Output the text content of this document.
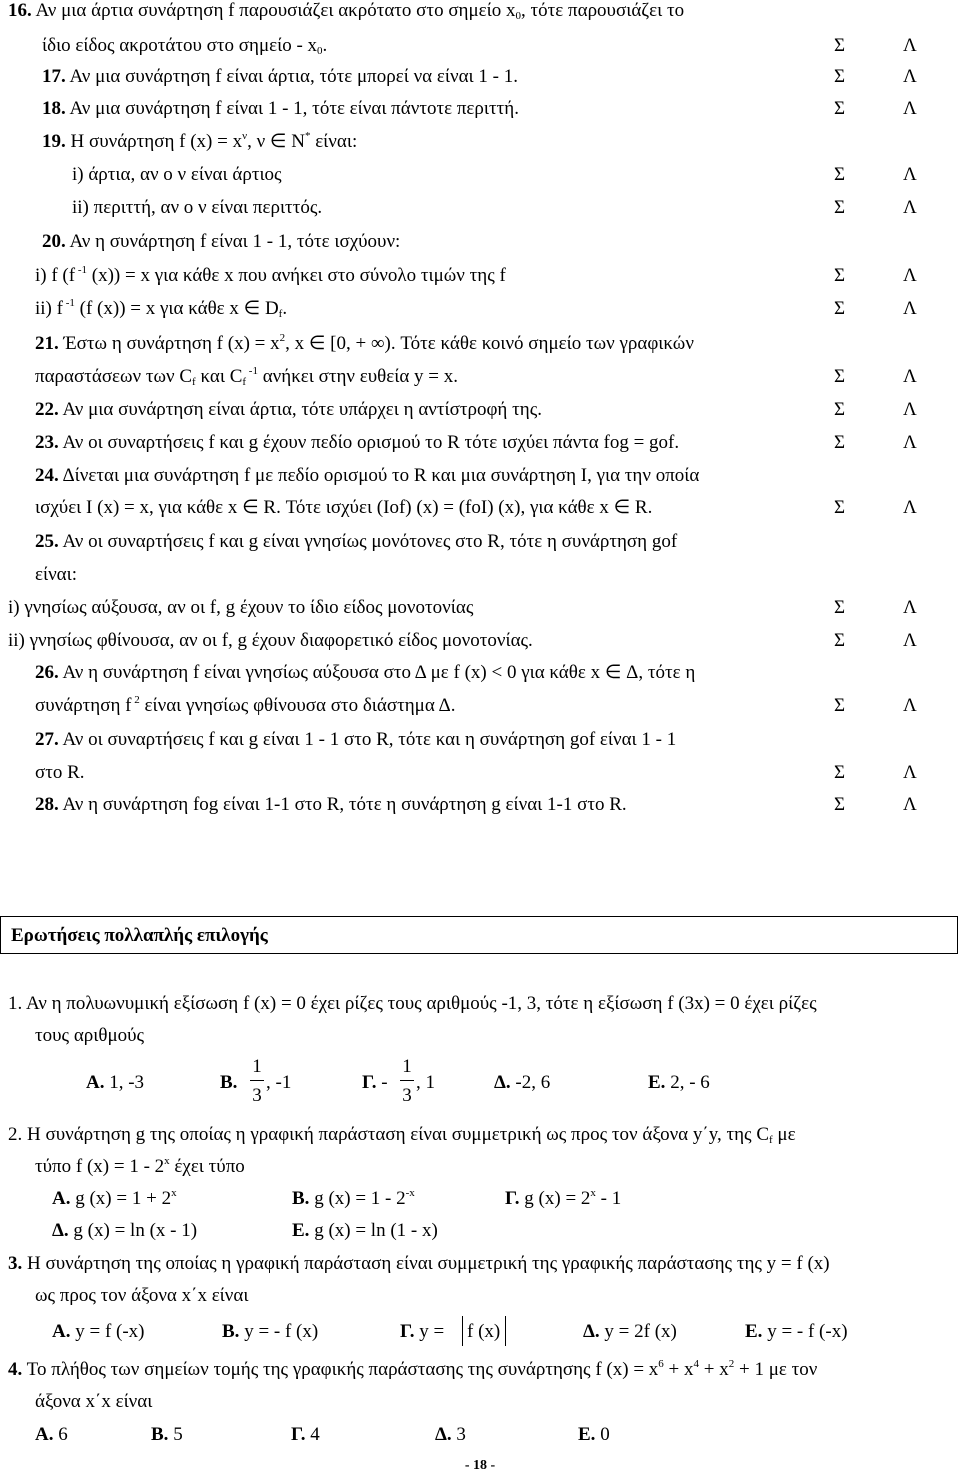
16. Αν μια άρτια συνάρτηση f παρουσιάζει ακρότατο στο σημείο $x_0$, τότε παρουσιάζει το
ίδιο είδος ακροτάτου στο σημείο - $x_0$.	Σ	Λ
17. Αν μια συνάρτηση f είναι άρτια, τότε μπορεί να είναι 1 - 1.	Σ	Λ
18. Αν μια συνάρτηση f είναι 1 - 1, τότε είναι πάντοτε περιττή.	Σ	Λ
19. Η συνάρτηση f $(x) = x^\nu$, ν ∈ N* είναι:
i) άρτια, αν ο ν είναι άρτιος	Σ	Λ
ii) περιττή, αν ο ν είναι περιττός.	Σ	Λ
20. Αν η συνάρτηση f είναι 1 - 1, τότε ισχύουν:
i) f (f $^{-1}$ (x)) = x για κάθε x που ανήκει στο σύνολο τιμών της f	Σ	Λ
ii) f $^{-1}$ (f (x)) = x για κάθε x ∈ $D_f$.	Σ	Λ
21. Έστω η συνάρτηση f $(x) = x^2$, x ∈ [0, + ∞). Τότε κάθε κοινό σημείο των γραφικών
παραστάσεων των $C_f$ και $C_f$ $^{-1}$ ανήκει στην ευθεία y = x.	Σ	Λ
22. Αν μια συνάρτηση είναι άρτια, τότε υπάρχει η αντίστροφή της.	Σ	Λ
23. Αν οι συναρτήσεις f και g έχουν πεδίο ορισμού το R τότε ισχύει πάντα fog = gof.	Σ	Λ
24. Δίνεται μια συνάρτηση f με πεδίο ορισμού το R και μια συνάρτηση Ι, για την οποία
ισχύει I (x) = x, για κάθε x ∈ R. Τότε ισχύει (Iof) (x) = (foI) (x), για κάθε x ∈ R.	Σ	Λ
25. Αν οι συναρτήσεις f και g είναι γνησίως μονότονες στο R, τότε η συνάρτηση gof
είναι:
i) γνησίως αύξουσα, αν οι f, g έχουν το ίδιο είδος μονοτονίας	Σ	Λ
ii) γνησίως φθίνουσα, αν οι f, g έχουν διαφορετικό είδος μονοτονίας.	Σ	Λ
26. Αν η συνάρτηση f είναι γνησίως αύξουσα στο Δ με f (x) < 0 για κάθε x ∈ Δ, τότε η
συνάρτηση f $^2$ είναι γνησίως φθίνουσα στο διάστημα Δ.	Σ	Λ
27. Αν οι συναρτήσεις f και g είναι 1 - 1 στο R, τότε και η συνάρτηση gof είναι 1 - 1
στο R.	Σ	Λ
28. Αν η συνάρτηση fog είναι 1-1 στο R, τότε η συνάρτηση g είναι 1-1 στο R.	Σ	Λ
Ερωτήσεις πολλαπλής επιλογής
1. Αν η πολυωνυμική εξίσωση f (x) = 0 έχει ρίζες τους αριθμούς -1, 3, τότε η εξίσωση f (3x) = 0 έχει ρίζες
τους αριθμούς
Α. 1, -3	Β.
1
3
, -1	Γ. -
1
3
, 1	Δ. -2, 6	Ε. 2, - 6
2. Η συνάρτηση g της οποίας η γραφική παράσταση είναι συμμετρική ως προς τον άξονα y΄y, της $C_f$ με
τύπο f (x) = 1 - 2$^x$ έχει τύπο
Α. g $(x) = 1 + 2^x$	Β. g $(x) = 1 - 2^{-x}$	Γ. g $(x) = 2^x - 1$
Δ. g (x) = ln (x - 1)	Ε. g (x) = ln (1 - x)
3. Η συνάρτηση της οποίας η γραφική παράσταση είναι συμμετρική της γραφικής παράστασης της y = f (x)
ως προς τον άξονα x΄x είναι
Α. y = f (-x)	Β. y = - f (x)	Γ. y = f (x)	Δ. y = 2f (x)	Ε. y = - f (-x)
4. Το πλήθος των σημείων τομής της γραφικής παράστασης της συνάρτησης f $(x) = x^6 + x^4 + x^2 + 1$ με τον
άξονα x΄x είναι
Α. 6	Β. 5	Γ. 4	Δ. 3	Ε. 0
- 18 -
